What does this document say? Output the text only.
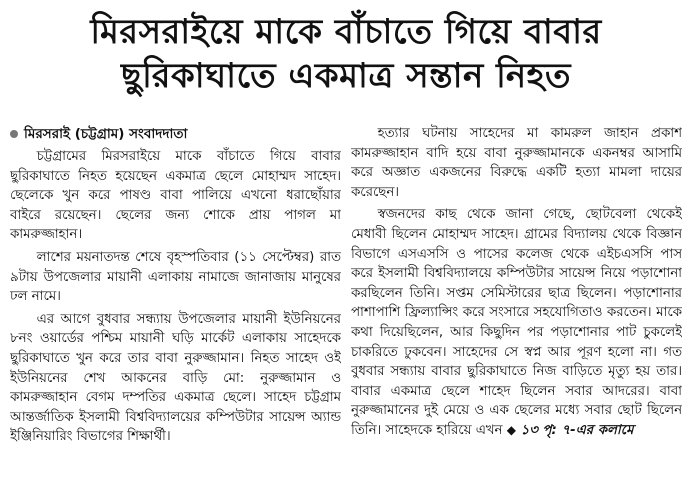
মিরসরাইয়ে মাকে বাঁচাতে গিয়ে বাবার
ছুরিকাঘাতে একমাত্র সন্তান নিহত
মিরসরাই (চট্টগ্রাম) সংবাদদাতা

চট্টগ্রামের মিরসরাইয়ে মাকে বাঁচাতে গিয়ে বাবার ছুরিকাঘাতে নিহত হয়েছেন একমাত্র ছেলে মোহাম্মদ সাহেদ। ছেলেকে খুন করে পাষণ্ড বাবা পালিয়ে এখনো ধরাছোঁয়ার বাইরে রয়েছেন। ছেলের জন্য শোকে প্রায় পাগল মা কামরুজ্জাহান।

লাশের ময়নাতদন্ত শেষে বৃহস্পতিবার (১১ সেপ্টেম্বর) রাত ৯টায় উপজেলার মায়ানী এলাকায় নামাজে জানাজায় মানুষের ঢল নামে।

এর আগে বুধবার সন্ধ্যায় উপজেলার মায়ানী ইউনিয়নের ৮নং ওয়ার্ডের পশ্চিম মায়ানী ঘড়ি মার্কেট এলাকায় সাহেদকে ছুরিকাঘাতে খুন করে তার বাবা নুরুজ্জামান। নিহত সাহেদ ওই ইউনিয়নের শেখ আকনের বাড়ি মো: নুরুজ্জামান ও কামরুজ্জাহান বেগম দম্পতির একমাত্র ছেলে। সাহেদ চট্টগ্রাম আন্তর্জাতিক ইসলামী বিশ্ববিদ্যালয়ের কম্পিউটার সায়েন্স অ্যান্ড ইঞ্জিনিয়ারিং বিভাগের শিক্ষার্থী।

হত্যার ঘটনায় সাহেদের মা কামরুল জাহান প্রকাশ কামরুজ্জাহান বাদি হয়ে বাবা নুরুজ্জামানকে একনম্বর আসামি করে অজ্ঞাত একজনের বিরুদ্ধে একটি হত্যা মামলা দায়ের করেছেন।

স্বজনদের কাছ থেকে জানা গেছে, ছোটবেলা থেকেই মেধাবী ছিলেন মোহাম্মদ সাহেদ। গ্রামের বিদ্যালয় থেকে বিজ্ঞান বিভাগে এসএসসি ও পাসের কলেজ থেকে এইচএসসি পাস করে ইসলামী বিশ্ববিদ্যালয়ে কম্পিউটার সায়েন্স নিয়ে পড়াশোনা করছিলেন তিনি। সপ্তম সেমিস্টারের ছাত্র ছিলেন। পড়াশোনার পাশাপাশি ফ্রিল্যান্সিং করে সংসারে সহযোগিতাও করতেন। মাকে কথা দিয়েছিলেন, আর কিছুদিন পর পড়াশোনার পাট চুকলেই চাকরিতে ঢুকবেন। সাহেদের সে স্বপ্ন আর পূরণ হলো না। গত বুধবার সন্ধ্যায় বাবার ছুরিকাঘাতে নিজ বাড়িতে মৃত্যু হয় তার। বাবার একমাত্র ছেলে শাহেদ ছিলেন সবার আদরের। বাবা নুরুজ্জামানের দুই মেয়ে ও এক ছেলের মধ্যে সবার ছোট ছিলেন তিনি। সাহেদকে হারিয়ে এখন ◆ ১৩ পৃ: ৭-এর কলামে
